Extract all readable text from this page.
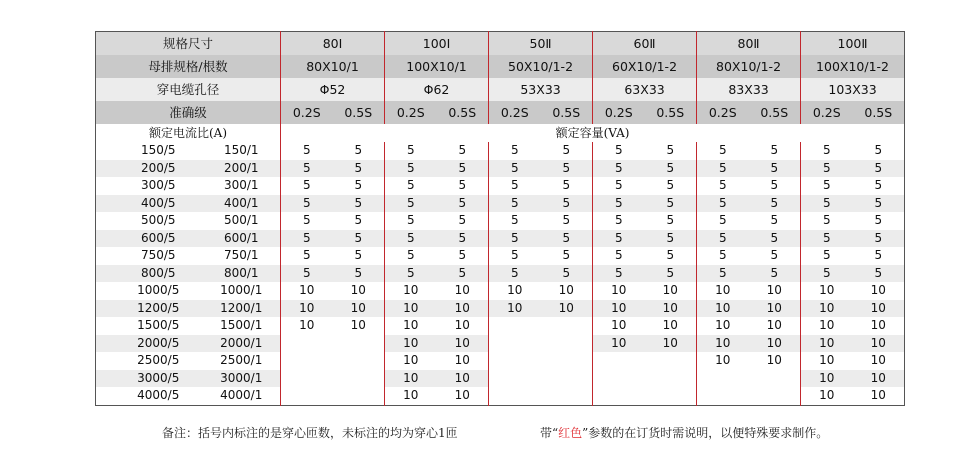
规格尺寸		80I		100I		50Ⅱ		60Ⅱ		80Ⅱ		100Ⅱ	
母排规格/根数		80X10/1		100X10/1		50X10/1-2		60X10/1-2		80X10/1-2		100X10/1-2	
穿电缆孔径		Φ52		Φ62		53X33		63X33		83X33		103X33	
准确级		0.2S	0.5S	0.2S	0.5S	0.2S	0.5S	0.2S	0.5S	0.2S	0.5S	0.2S	0.5S
额定电流比(A)		额定容量(VA)											
150/5	150/1	5	5	5	5	5	5	5	5	5	5	5	5
200/5	200/1	5	5	5	5	5	5	5	5	5	5	5	5
300/5	300/1	5	5	5	5	5	5	5	5	5	5	5	5
400/5	400/1	5	5	5	5	5	5	5	5	5	5	5	5
500/5	500/1	5	5	5	5	5	5	5	5	5	5	5	5
600/5	600/1	5	5	5	5	5	5	5	5	5	5	5	5
750/5	750/1	5	5	5	5	5	5	5	5	5	5	5	5
800/5	800/1	5	5	5	5	5	5	5	5	5	5	5	5
1000/5	1000/1	10	10	10	10	10	10	10	10	10	10	10	10
1200/5	1200/1	10	10	10	10	10	10	10	10	10	10	10	10
1500/5	1500/1	10	10	10	10			10	10	10	10	10	10
2000/5	2000/1			10	10			10	10	10	10	10	10
2500/5	2500/1			10	10					10	10	10	10
3000/5	3000/1			10	10							10	10
4000/5	4000/1			10	10							10	10
备注：括号内标注的是穿心匝数，未标注的均为穿心1匝	带“红色”参数的在订货时需说明，以便特殊要求制作。
